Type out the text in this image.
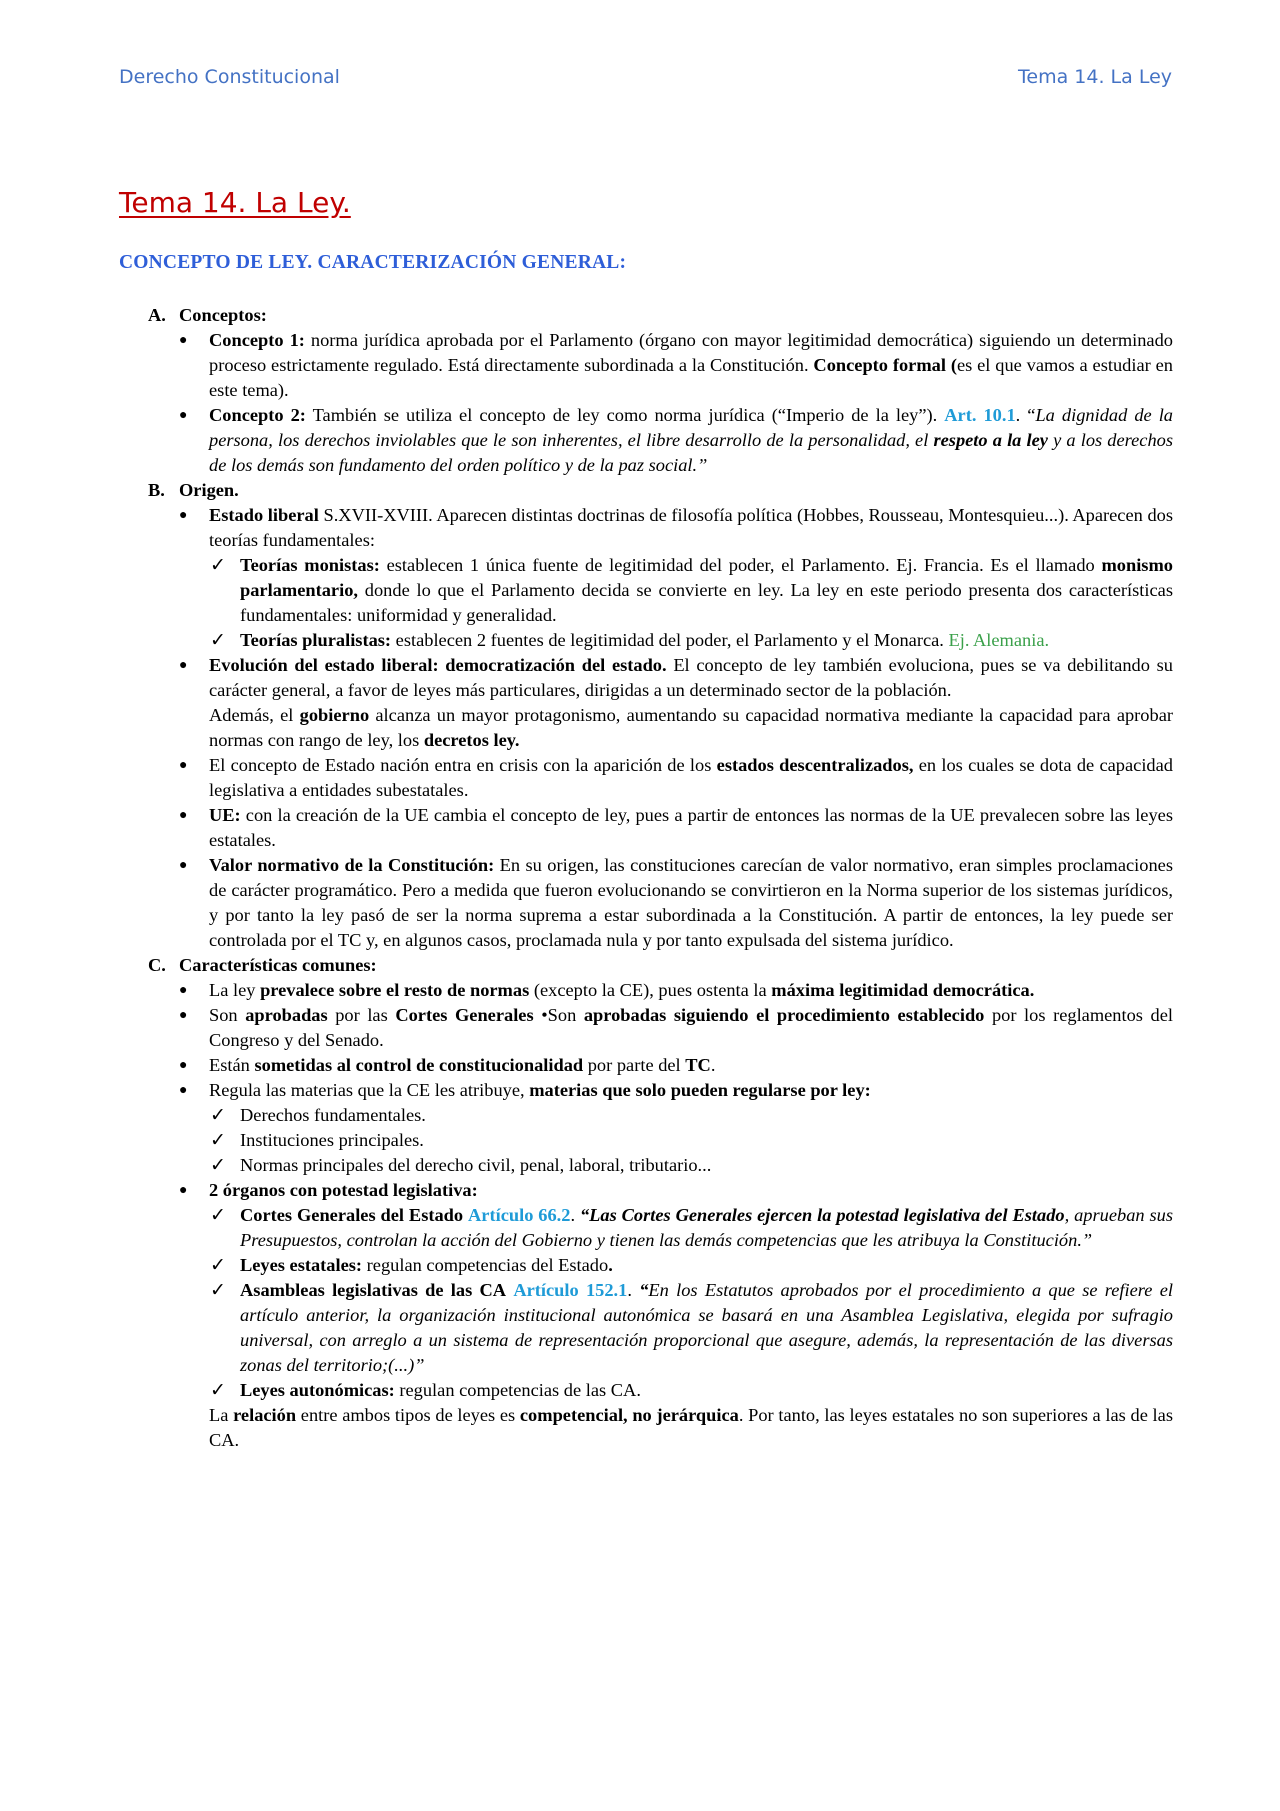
Derecho Constitucional	Tema 14. La Ley
Tema 14. La Ley.

CONCEPTO DE LEY. CARACTERIZACIÓN GENERAL:

A. Conceptos:

● Concepto 1: norma jurídica aprobada por el Parlamento (órgano con mayor legitimidad democrática) siguiendo un determinado proceso estrictamente regulado. Está directamente subordinada a la Constitución. Concepto formal (es el que vamos a estudiar en este tema).

● Concepto 2: También se utiliza el concepto de ley como norma jurídica (“Imperio de la ley”). Art. 10.1. “La dignidad de la persona, los derechos inviolables que le son inherentes, el libre desarrollo de la personalidad, el respeto a la ley y a los derechos de los demás son fundamento del orden político y de la paz social.”

B. Origen.

● Estado liberal S.XVII-XVIII. Aparecen distintas doctrinas de filosofía política (Hobbes, Rousseau, Montesquieu...). Aparecen dos teorías fundamentales:

✓ Teorías monistas: establecen 1 única fuente de legitimidad del poder, el Parlamento. Ej. Francia. Es el llamado monismo parlamentario, donde lo que el Parlamento decida se convierte en ley. La ley en este periodo presenta dos características fundamentales: uniformidad y generalidad.

✓ Teorías pluralistas: establecen 2 fuentes de legitimidad del poder, el Parlamento y el Monarca. Ej. Alemania.

● Evolución del estado liberal: democratización del estado. El concepto de ley también evoluciona, pues se va debilitando su carácter general, a favor de leyes más particulares, dirigidas a un determinado sector de la población.

Además, el gobierno alcanza un mayor protagonismo, aumentando su capacidad normativa mediante la capacidad para aprobar normas con rango de ley, los decretos ley.

● El concepto de Estado nación entra en crisis con la aparición de los estados descentralizados, en los cuales se dota de capacidad legislativa a entidades subestatales.

● UE: con la creación de la UE cambia el concepto de ley, pues a partir de entonces las normas de la UE prevalecen sobre las leyes estatales.

● Valor normativo de la Constitución: En su origen, las constituciones carecían de valor normativo, eran simples proclamaciones de carácter programático. Pero a medida que fueron evolucionando se convirtieron en la Norma superior de los sistemas jurídicos, y por tanto la ley pasó de ser la norma suprema a estar subordinada a la Constitución. A partir de entonces, la ley puede ser controlada por el TC y, en algunos casos, proclamada nula y por tanto expulsada del sistema jurídico.

C. Características comunes:

● La ley prevalece sobre el resto de normas (excepto la CE), pues ostenta la máxima legitimidad democrática.

● Son aprobadas por las Cortes Generales •Son aprobadas siguiendo el procedimiento establecido por los reglamentos del Congreso y del Senado.

● Están sometidas al control de constitucionalidad por parte del TC.

● Regula las materias que la CE les atribuye, materias que solo pueden regularse por ley:

✓ Derechos fundamentales.

✓ Instituciones principales.

✓ Normas principales del derecho civil, penal, laboral, tributario...

● 2 órganos con potestad legislativa:

✓ Cortes Generales del Estado Artículo 66.2. “Las Cortes Generales ejercen la potestad legislativa del Estado, aprueban sus Presupuestos, controlan la acción del Gobierno y tienen las demás competencias que les atribuya la Constitución.”

✓ Leyes estatales: regulan competencias del Estado.

✓ Asambleas legislativas de las CA Artículo 152.1. “En los Estatutos aprobados por el procedimiento a que se refiere el artículo anterior, la organización institucional autonómica se basará en una Asamblea Legislativa, elegida por sufragio universal, con arreglo a un sistema de representación proporcional que asegure, además, la representación de las diversas zonas del territorio;(...)”

✓ Leyes autonómicas: regulan competencias de las CA.

La relación entre ambos tipos de leyes es competencial, no jerárquica. Por tanto, las leyes estatales no son superiores a las de las CA.
